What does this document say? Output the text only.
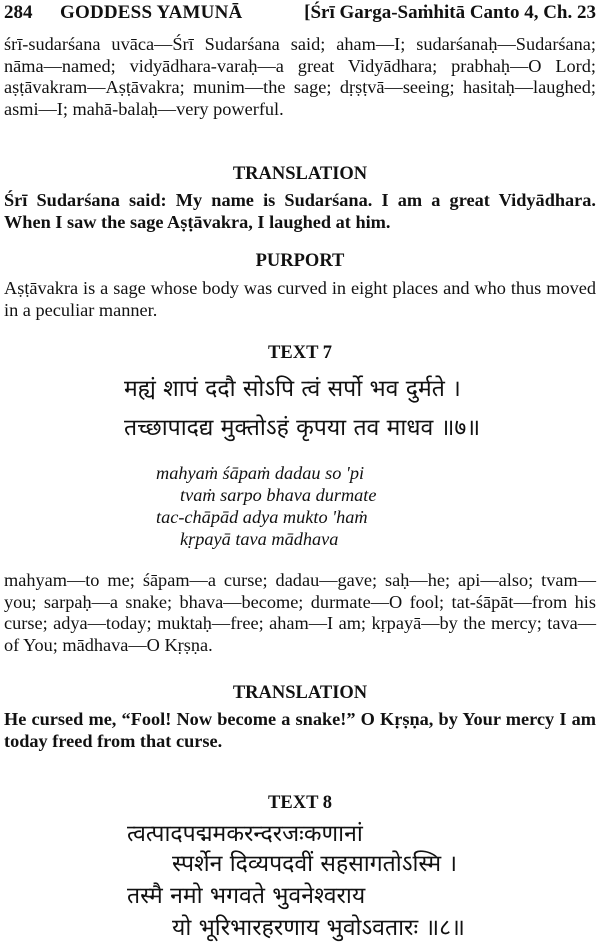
284 GODDESS YAMUNĀ	[Śrī Garga-Saṁhitā Canto 4, Ch. 23

śrī-sudarśana uvāca—Śrī Sudarśana said; aham—I; sudarśanaḥ—Sudarśana; nāma—named; vidyādhara-varaḥ—a great Vidyādhara; prabhaḥ—O Lord; aṣṭāvakram—Aṣṭāvakra; munim—the sage; dṛṣṭvā—seeing; hasitaḥ—laughed; asmi—I; mahā-balaḥ—very powerful.

TRANSLATION

Śrī Sudarśana said: My name is Sudarśana. I am a great Vidyādhara. When I saw the sage Aṣṭāvakra, I laughed at him.

PURPORT

Aṣṭāvakra is a sage whose body was curved in eight places and who thus moved in a peculiar manner.

TEXT 7
मह्यं शापं ददौ सोऽपि त्वं सर्पो भव दुर्मते ।
तच्छापादद्य मुक्तोऽहं कृपया तव माधव ॥७॥
mahyaṁ śāpaṁ dadau so 'pi
tvaṁ sarpo bhava durmate
tac-chāpād adya mukto 'haṁ
kṛpayā tava mādhava

mahyam—to me; śāpam—a curse; dadau—gave; saḥ—he; api—also; tvam—you; sarpaḥ—a snake; bhava—become; durmate—O fool; tat-śāpāt—from his curse; adya—today; muktaḥ—free; aham—I am; kṛpayā—by the mercy; tava—of You; mādhava—O Kṛṣṇa.

TRANSLATION

He cursed me, “Fool! Now become a snake!” O Kṛṣṇa, by Your mercy I am today freed from that curse.

TEXT 8
त्वत्पादपद्ममकरन्दरजःकणानां
स्पर्शेन दिव्यपदवीं सहसागतोऽस्मि ।
तस्मै नमो भगवते भुवनेश्वराय
यो भूरिभारहरणाय भुवोऽवतारः ॥८॥
